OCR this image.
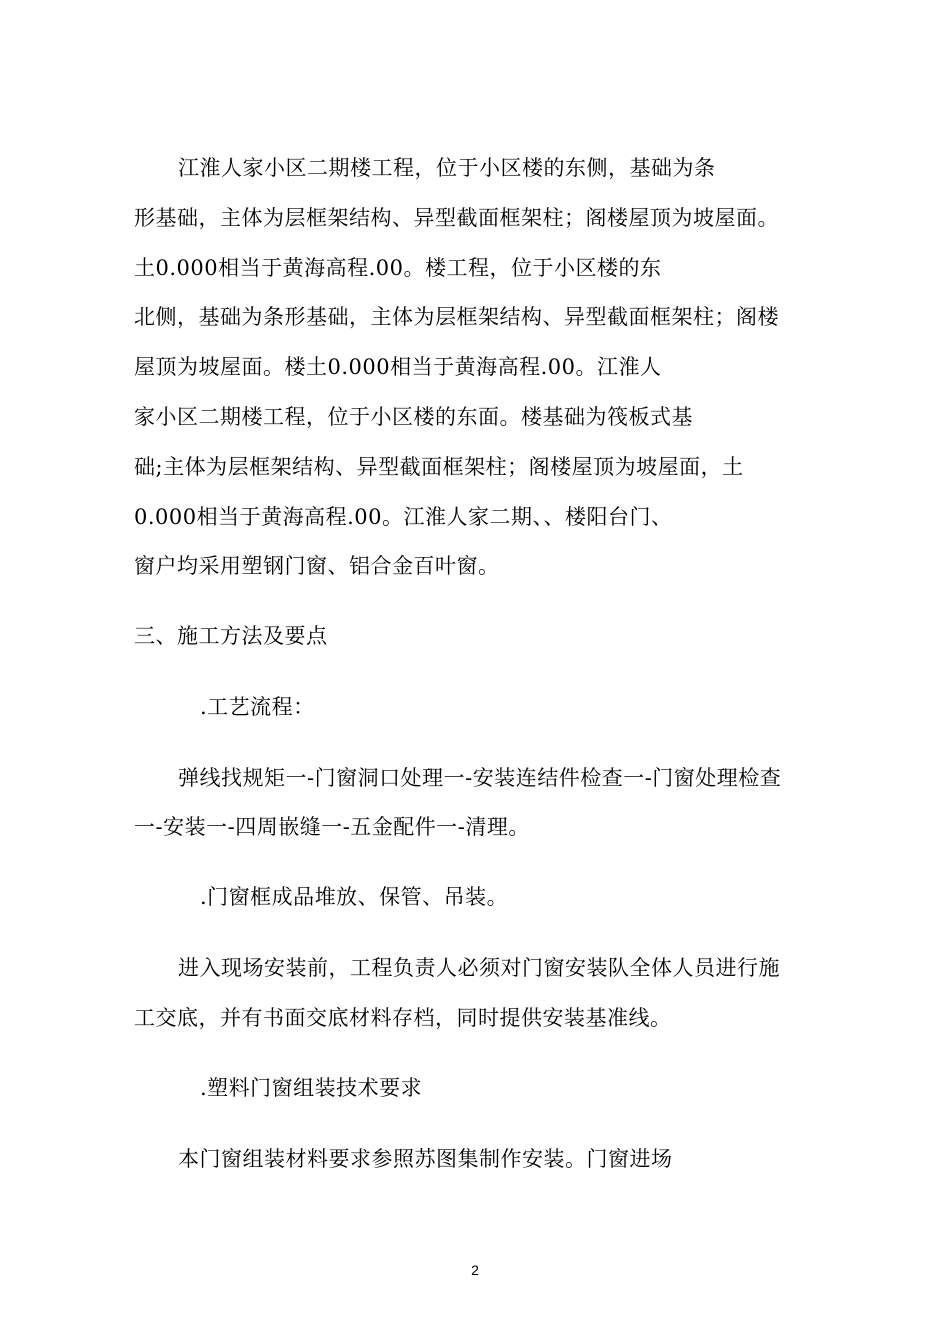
江淮人家小区二期楼工程，位于小区楼的东侧，基础为条
形基础，主体为层框架结构、异型截面框架柱；阁楼屋顶为坡屋面。
土0.000相当于黄海高程.00。楼工程，位于小区楼的东
北侧，基础为条形基础，主体为层框架结构、异型截面框架柱；阁楼
屋顶为坡屋面。楼土0.000相当于黄海高程.00。江淮人
家小区二期楼工程，位于小区楼的东面。楼基础为筏板式基
础;主体为层框架结构、异型截面框架柱；阁楼屋顶为坡屋面，土
0.000相当于黄海高程.00。江淮人家二期、、楼阳台门、
窗户均采用塑钢门窗、铝合金百叶窗。
三、施工方法及要点
.工艺流程：
弹线找规矩一-门窗洞口处理一-安装连结件检查一-门窗处理检查
一-安装一-四周嵌缝一-五金配件一-清理。
.门窗框成品堆放、保管、吊装。
进入现场安装前，工程负责人必须对门窗安装队全体人员进行施
工交底，并有书面交底材料存档，同时提供安装基准线。
.塑料门窗组装技术要求
本门窗组装材料要求参照苏图集制作安装。门窗进场
2
